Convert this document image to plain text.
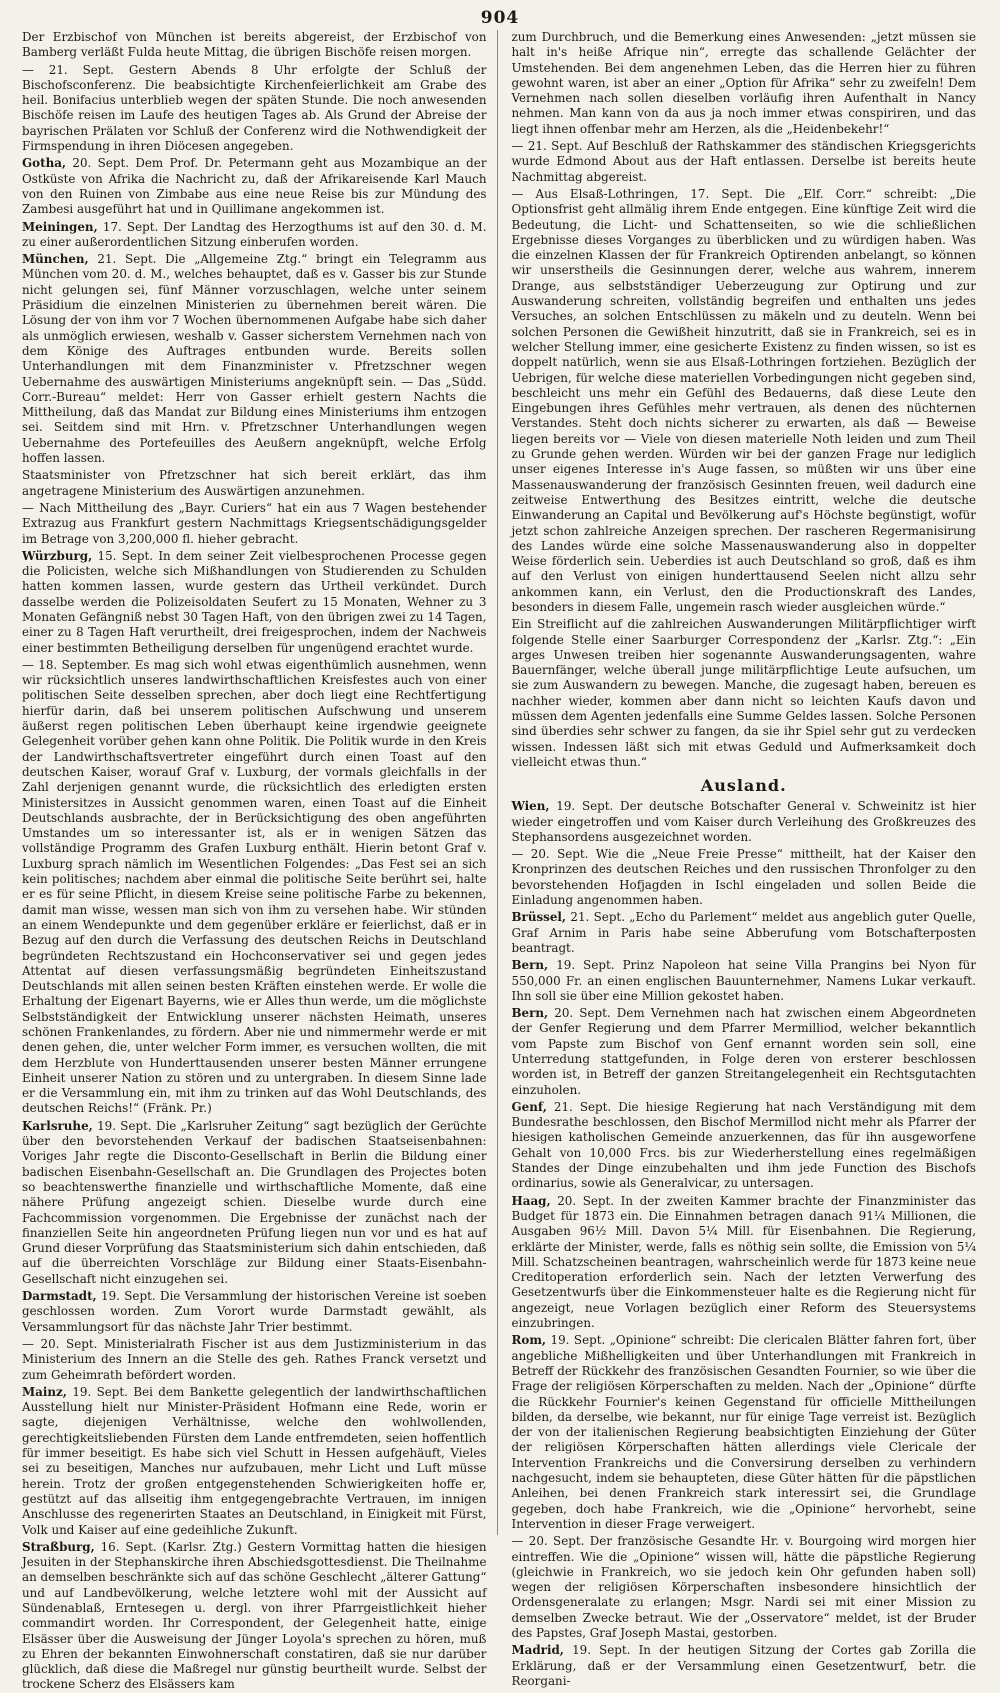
904

Der Erzbischof von München ist bereits abgereist, der Erzbischof von Bamberg verläßt Fulda heute Mittag, die übrigen Bischöfe reisen morgen.

— 21. Sept. Gestern Abends 8 Uhr erfolgte der Schluß der Bischofsconferenz. Die beabsichtigte Kirchenfeierlichkeit am Grabe des heil. Bonifacius unterblieb wegen der späten Stunde. Die noch anwesenden Bischöfe reisen im Laufe des heutigen Tages ab. Als Grund der Abreise der bayrischen Prälaten vor Schluß der Conferenz wird die Nothwendigkeit der Firmspendung in ihren Diöcesen angegeben.

Gotha, 20. Sept. Dem Prof. Dr. Petermann geht aus Mozambique an der Ostküste von Afrika die Nachricht zu, daß der Afrikareisende Karl Mauch von den Ruinen von Zimbabe aus eine neue Reise bis zur Mündung des Zambesi ausgeführt hat und in Quillimane angekommen ist.

Meiningen, 17. Sept. Der Landtag des Herzogthums ist auf den 30. d. M. zu einer außerordentlichen Sitzung einberufen worden.

München, 21. Sept. Die „Allgemeine Ztg.“ bringt ein Telegramm aus München vom 20. d. M., welches behauptet, daß es v. Gasser bis zur Stunde nicht gelungen sei, fünf Männer vorzuschlagen, welche unter seinem Präsidium die einzelnen Ministerien zu übernehmen bereit wären. Die Lösung der von ihm vor 7 Wochen übernommenen Aufgabe habe sich daher als unmöglich erwiesen, weshalb v. Gasser sicherstem Vernehmen nach von dem Könige des Auftrages entbunden wurde. Bereits sollen Unterhandlungen mit dem Finanzminister v. Pfretzschner wegen Uebernahme des auswärtigen Ministeriums angeknüpft sein. — Das „Südd. Corr.-Bureau“ meldet: Herr von Gasser erhielt gestern Nachts die Mittheilung, daß das Mandat zur Bildung eines Ministeriums ihm entzogen sei. Seitdem sind mit Hrn. v. Pfretzschner Unterhandlungen wegen Uebernahme des Portefeuilles des Aeußern angeknüpft, welche Erfolg hoffen lassen.

Staatsminister von Pfretzschner hat sich bereit erklärt, das ihm angetragene Ministerium des Auswärtigen anzunehmen.

— Nach Mittheilung des „Bayr. Curiers“ hat ein aus 7 Wagen bestehender Extrazug aus Frankfurt gestern Nachmittags Kriegsentschädigungsgelder im Betrage von 3,200,000 fl. hieher gebracht.

Würzburg, 15. Sept. In dem seiner Zeit vielbesprochenen Processe gegen die Policisten, welche sich Mißhandlungen von Studierenden zu Schulden hatten kommen lassen, wurde gestern das Urtheil verkündet. Durch dasselbe werden die Polizeisoldaten Seufert zu 15 Monaten, Wehner zu 3 Monaten Gefängniß nebst 30 Tagen Haft, von den übrigen zwei zu 14 Tagen, einer zu 8 Tagen Haft verurtheilt, drei freigesprochen, indem der Nachweis einer bestimmten Betheiligung derselben für ungenügend erachtet wurde.

— 18. September. Es mag sich wohl etwas eigenthümlich ausnehmen, wenn wir rücksichtlich unseres landwirthschaftlichen Kreisfestes auch von einer politischen Seite desselben sprechen, aber doch liegt eine Rechtfertigung hierfür darin, daß bei unserem politischen Aufschwung und unserem äußerst regen politischen Leben überhaupt keine irgendwie geeignete Gelegenheit vorüber gehen kann ohne Politik. Die Politik wurde in den Kreis der Landwirthschaftsvertreter eingeführt durch einen Toast auf den deutschen Kaiser, worauf Graf v. Luxburg, der vormals gleichfalls in der Zahl derjenigen genannt wurde, die rücksichtlich des erledigten ersten Ministersitzes in Aussicht genommen waren, einen Toast auf die Einheit Deutschlands ausbrachte, der in Berücksichtigung des oben angeführten Umstandes um so interessanter ist, als er in wenigen Sätzen das vollständige Programm des Grafen Luxburg enthält. Hierin betont Graf v. Luxburg sprach nämlich im Wesentlichen Folgendes: „Das Fest sei an sich kein politisches; nachdem aber einmal die politische Seite berührt sei, halte er es für seine Pflicht, in diesem Kreise seine politische Farbe zu bekennen, damit man wisse, wessen man sich von ihm zu versehen habe. Wir stünden an einem Wendepunkte und dem gegenüber erkläre er feierlichst, daß er in Bezug auf den durch die Verfassung des deutschen Reichs in Deutschland begründeten Rechtszustand ein Hochconservativer sei und gegen jedes Attentat auf diesen verfassungsmäßig begründeten Einheitszustand Deutschlands mit allen seinen besten Kräften einstehen werde. Er wolle die Erhaltung der Eigenart Bayerns, wie er Alles thun werde, um die möglichste Selbstständigkeit der Entwicklung unserer nächsten Heimath, unseres schönen Frankenlandes, zu fördern. Aber nie und nimmermehr werde er mit denen gehen, die, unter welcher Form immer, es versuchen wollten, die mit dem Herzblute von Hunderttausenden unserer besten Männer errungene Einheit unserer Nation zu stören und zu untergraben. In diesem Sinne lade er die Versammlung ein, mit ihm zu trinken auf das Wohl Deutschlands, des deutschen Reichs!“ (Fränk. Pr.)

Karlsruhe, 19. Sept. Die „Karlsruher Zeitung“ sagt bezüglich der Gerüchte über den bevorstehenden Verkauf der badischen Staatseisenbahnen: Voriges Jahr regte die Disconto-Gesellschaft in Berlin die Bildung einer badischen Eisenbahn-Gesellschaft an. Die Grundlagen des Projectes boten so beachtenswerthe finanzielle und wirthschaftliche Momente, daß eine nähere Prüfung angezeigt schien. Dieselbe wurde durch eine Fachcommission vorgenommen. Die Ergebnisse der zunächst nach der finanziellen Seite hin angeordneten Prüfung liegen nun vor und es hat auf Grund dieser Vorprüfung das Staatsministerium sich dahin entschieden, daß auf die überreichten Vorschläge zur Bildung einer Staats-Eisenbahn-Gesellschaft nicht einzugehen sei.

Darmstadt, 19. Sept. Die Versammlung der historischen Vereine ist soeben geschlossen worden. Zum Vorort wurde Darmstadt gewählt, als Versammlungsort für das nächste Jahr Trier bestimmt.

— 20. Sept. Ministerialrath Fischer ist aus dem Justizministerium in das Ministerium des Innern an die Stelle des geh. Rathes Franck versetzt und zum Geheimrath befördert worden.

Mainz, 19. Sept. Bei dem Bankette gelegentlich der landwirthschaftlichen Ausstellung hielt nur Minister-Präsident Hofmann eine Rede, worin er sagte, diejenigen Verhältnisse, welche den wohlwollenden, gerechtigkeitsliebenden Fürsten dem Lande entfremdeten, seien hoffentlich für immer beseitigt. Es habe sich viel Schutt in Hessen aufgehäuft, Vieles sei zu beseitigen, Manches nur aufzubauen, mehr Licht und Luft müsse herein. Trotz der großen entgegenstehenden Schwierigkeiten hoffe er, gestützt auf das allseitig ihm entgegengebrachte Vertrauen, im innigen Anschlusse des regenerirten Staates an Deutschland, in Einigkeit mit Fürst, Volk und Kaiser auf eine gedeihliche Zukunft.

Straßburg, 16. Sept. (Karlsr. Ztg.) Gestern Vormittag hatten die hiesigen Jesuiten in der Stephanskirche ihren Abschiedsgottesdienst. Die Theilnahme an demselben beschränkte sich auf das schöne Geschlecht „älterer Gattung“ und auf Landbevölkerung, welche letztere wohl mit der Aussicht auf Sündenablaß, Erntesegen u. dergl. von ihrer Pfarrgeistlichkeit hieher commandirt worden. Ihr Correspondent, der Gelegenheit hatte, einige Elsässer über die Ausweisung der Jünger Loyola's sprechen zu hören, muß zu Ehren der bekannten Einwohnerschaft constatiren, daß sie nur darüber glücklich, daß diese die Maßregel nur günstig beurtheilt wurde. Selbst der trockene Scherz des Elsässers kam

zum Durchbruch, und die Bemerkung eines Anwesenden: „jetzt müssen sie halt in's heiße Afrique nin“, erregte das schallende Gelächter der Umstehenden. Bei dem angenehmen Leben, das die Herren hier zu führen gewohnt waren, ist aber an einer „Option für Afrika“ sehr zu zweifeln! Dem Vernehmen nach sollen dieselben vorläufig ihren Aufenthalt in Nancy nehmen. Man kann von da aus ja noch immer etwas conspiriren, und das liegt ihnen offenbar mehr am Herzen, als die „Heidenbekehr!“

— 21. Sept. Auf Beschluß der Rathskammer des ständischen Kriegsgerichts wurde Edmond About aus der Haft entlassen. Derselbe ist bereits heute Nachmittag abgereist.

— Aus Elsaß-Lothringen, 17. Sept. Die „Elf. Corr.“ schreibt: „Die Optionsfrist geht allmälig ihrem Ende entgegen. Eine künftige Zeit wird die Bedeutung, die Licht- und Schattenseiten, so wie die schließlichen Ergebnisse dieses Vorganges zu überblicken und zu würdigen haben. Was die einzelnen Klassen der für Frankreich Optirenden anbelangt, so können wir unserstheils die Gesinnungen derer, welche aus wahrem, innerem Drange, aus selbstständiger Ueberzeugung zur Optirung und zur Auswanderung schreiten, vollständig begreifen und enthalten uns jedes Versuches, an solchen Entschlüssen zu mäkeln und zu deuteln. Wenn bei solchen Personen die Gewißheit hinzutritt, daß sie in Frankreich, sei es in welcher Stellung immer, eine gesicherte Existenz zu finden wissen, so ist es doppelt natürlich, wenn sie aus Elsaß-Lothringen fortziehen. Bezüglich der Uebrigen, für welche diese materiellen Vorbedingungen nicht gegeben sind, beschleicht uns mehr ein Gefühl des Bedauerns, daß diese Leute den Eingebungen ihres Gefühles mehr vertrauen, als denen des nüchternen Verstandes. Steht doch nichts sicherer zu erwarten, als daß — Beweise liegen bereits vor — Viele von diesen materielle Noth leiden und zum Theil zu Grunde gehen werden. Würden wir bei der ganzen Frage nur lediglich unser eigenes Interesse in's Auge fassen, so müßten wir uns über eine Massenauswanderung der französisch Gesinnten freuen, weil dadurch eine zeitweise Entwerthung des Besitzes eintritt, welche die deutsche Einwanderung an Capital und Bevölkerung auf's Höchste begünstigt, wofür jetzt schon zahlreiche Anzeigen sprechen. Der rascheren Regermanisirung des Landes würde eine solche Massenauswanderung also in doppelter Weise förderlich sein. Ueberdies ist auch Deutschland so groß, daß es ihm auf den Verlust von einigen hunderttausend Seelen nicht allzu sehr ankommen kann, ein Verlust, den die Productionskraft des Landes, besonders in diesem Falle, ungemein rasch wieder ausgleichen würde.“

Ein Streiflicht auf die zahlreichen Auswanderungen Militärpflichtiger wirft folgende Stelle einer Saarburger Correspondenz der „Karlsr. Ztg.“: „Ein arges Unwesen treiben hier sogenannte Auswanderungsagenten, wahre Bauernfänger, welche überall junge militärpflichtige Leute aufsuchen, um sie zum Auswandern zu bewegen. Manche, die zugesagt haben, bereuen es nachher wieder, kommen aber dann nicht so leichten Kaufs davon und müssen dem Agenten jedenfalls eine Summe Geldes lassen. Solche Personen sind überdies sehr schwer zu fangen, da sie ihr Spiel sehr gut zu verdecken wissen. Indessen läßt sich mit etwas Geduld und Aufmerksamkeit doch vielleicht etwas thun.“

Ausland.

Wien, 19. Sept. Der deutsche Botschafter General v. Schweinitz ist hier wieder eingetroffen und vom Kaiser durch Verleihung des Großkreuzes des Stephansordens ausgezeichnet worden.

— 20. Sept. Wie die „Neue Freie Presse“ mittheilt, hat der Kaiser den Kronprinzen des deutschen Reiches und den russischen Thronfolger zu den bevorstehenden Hofjagden in Ischl eingeladen und sollen Beide die Einladung angenommen haben.

Brüssel, 21. Sept. „Echo du Parlement“ meldet aus angeblich guter Quelle, Graf Arnim in Paris habe seine Abberufung vom Botschafterposten beantragt.

Bern, 19. Sept. Prinz Napoleon hat seine Villa Prangins bei Nyon für 550,000 Fr. an einen englischen Bauunternehmer, Namens Lukar verkauft. Ihn soll sie über eine Million gekostet haben.

Bern, 20. Sept. Dem Vernehmen nach hat zwischen einem Abgeordneten der Genfer Regierung und dem Pfarrer Mermilliod, welcher bekanntlich vom Papste zum Bischof von Genf ernannt worden sein soll, eine Unterredung stattgefunden, in Folge deren von ersterer beschlossen worden ist, in Betreff der ganzen Streitangelegenheit ein Rechtsgutachten einzuholen.

Genf, 21. Sept. Die hiesige Regierung hat nach Verständigung mit dem Bundesrathe beschlossen, den Bischof Mermillod nicht mehr als Pfarrer der hiesigen katholischen Gemeinde anzuerkennen, das für ihn ausgeworfene Gehalt von 10,000 Frcs. bis zur Wiederherstellung eines regelmäßigen Standes der Dinge einzubehalten und ihm jede Function des Bischofs ordinarius, sowie als Generalvicar, zu untersagen.

Haag, 20. Sept. In der zweiten Kammer brachte der Finanzminister das Budget für 1873 ein. Die Einnahmen betragen danach 91¼ Millionen, die Ausgaben 96½ Mill. Davon 5¼ Mill. für Eisenbahnen. Die Regierung, erklärte der Minister, werde, falls es nöthig sein sollte, die Emission von 5¼ Mill. Schatzscheinen beantragen, wahrscheinlich werde für 1873 keine neue Creditoperation erforderlich sein. Nach der letzten Verwerfung des Gesetzentwurfs über die Einkommensteuer halte es die Regierung nicht für angezeigt, neue Vorlagen bezüglich einer Reform des Steuersystems einzubringen.

Rom, 19. Sept. „Opinione“ schreibt: Die clericalen Blätter fahren fort, über angebliche Mißhelligkeiten und über Unterhandlungen mit Frankreich in Betreff der Rückkehr des französischen Gesandten Fournier, so wie über die Frage der religiösen Körperschaften zu melden. Nach der „Opinione“ dürfte die Rückkehr Fournier's keinen Gegenstand für officielle Mittheilungen bilden, da derselbe, wie bekannt, nur für einige Tage verreist ist. Bezüglich der von der italienischen Regierung beabsichtigten Einziehung der Güter der religiösen Körperschaften hätten allerdings viele Clericale der Intervention Frankreichs und die Conversirung derselben zu verhindern nachgesucht, indem sie behaupteten, diese Güter hätten für die päpstlichen Anleihen, bei denen Frankreich stark interessirt sei, die Grundlage gegeben, doch habe Frankreich, wie die „Opinione“ hervorhebt, seine Intervention in dieser Frage verweigert.

— 20. Sept. Der französische Gesandte Hr. v. Bourgoing wird morgen hier eintreffen. Wie die „Opinione“ wissen will, hätte die päpstliche Regierung (gleichwie in Frankreich, wo sie jedoch kein Ohr gefunden haben soll) wegen der religiösen Körperschaften insbesondere hinsichtlich der Ordensgeneralate zu erlangen; Msgr. Nardi sei mit einer Mission zu demselben Zwecke betraut. Wie der „Osservatore“ meldet, ist der Bruder des Papstes, Graf Joseph Mastai, gestorben.

Madrid, 19. Sept. In der heutigen Sitzung der Cortes gab Zorilla die Erklärung, daß er der Versammlung einen Gesetzentwurf, betr. die Reorgani-
